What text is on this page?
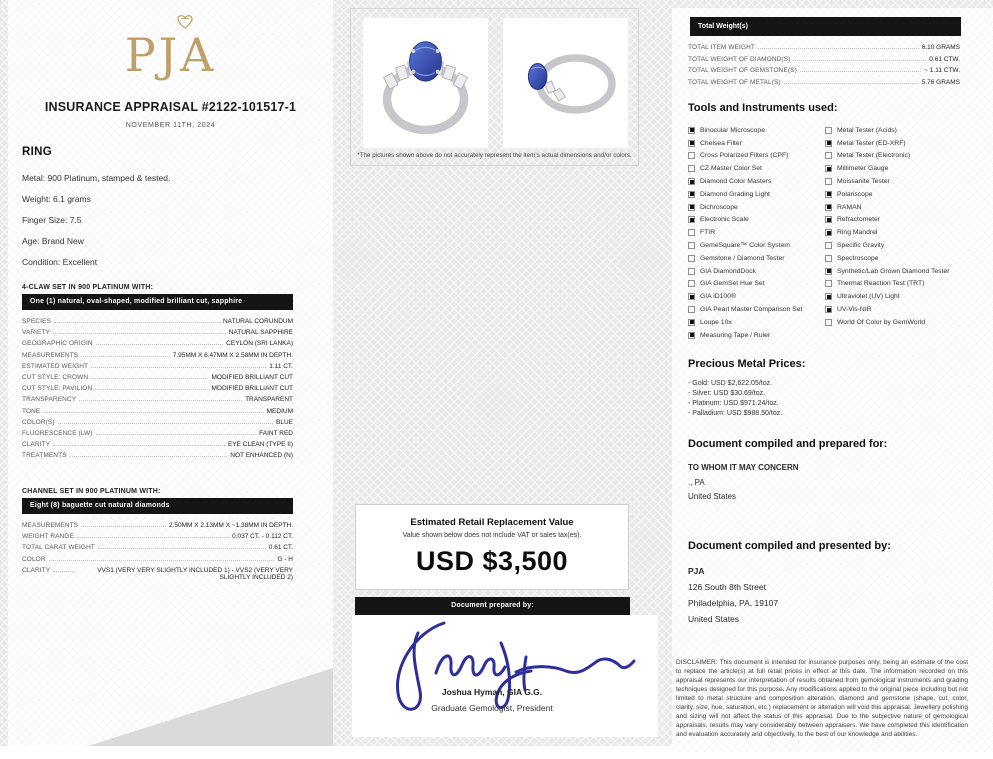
PJA
INSURANCE APPRAISAL #2122-101517-1
NOVEMBER 11TH, 2024
RING
Metal: 900 Platinum, stamped & tested.
Weight: 6.1 grams
Finger Size: 7.5
Age: Brand New
Condition: Excellent
4-CLAW SET IN 900 PLATINUM WITH:
One (1) natural, oval-shaped, modified brilliant cut, sapphire
SPECIES	NATURAL CORUNDUM
VARIETY	NATURAL SAPPHIRE
GEOGRAPHIC ORIGIN	CEYLON (SRI LANKA)
MEASUREMENTS	7.95MM X 6.47MM X 2.58MM IN DEPTH.
ESTIMATED WEIGHT	1.11 CT.
CUT STYLE: CROWN	MODIFIED BRILLIANT CUT
CUT STYLE: PAVILION	MODIFIED BRILLIANT CUT
TRANSPARENCY	TRANSPARENT
TONE	MEDIUM
COLOR(S)	BLUE
FLUORESCENCE (LW)	FAINT RED
CLARITY	EYE CLEAN (TYPE II)
TREATMENTS	NOT ENHANCED (N)
CHANNEL SET IN 900 PLATINUM WITH:
Eight (8) baguette cut natural diamonds
MEASUREMENTS	2.50MM X 2.13MM X ~1.38MM IN DEPTH.
WEIGHT RANGE	0.037 CT. - 0.112 CT.
TOTAL CARAT WEIGHT	0.61 CT.
COLOR	G - H
CLARITY	VVS1 (VERY VERY SLIGHTLY INCLUDED 1) - VVS2 (VERY VERY SLIGHTLY INCLUDED 2)
*The pictures shown above do not accurately represent the item's actual dimensions and/or colors.
Estimated Retail Replacement Value
Value shown below does not include VAT or sales tax(es).
USD $3,500
Document prepared by:
Joshua Hyman, GIA G.G.
Graduate Gemologist, President
Total Weight(s)
TOTAL ITEM WEIGHT	6.10 GRAMS
TOTAL WEIGHT OF DIAMOND(S)	0.61 CTW.
TOTAL WEIGHT OF GEMSTONE(S)	~ 1.11 CTW.
TOTAL WEIGHT OF METAL(S)	5.76 GRAMS
Tools and Instruments used:
Binocular Microscope
Chelsea Filter
Cross Polarized Filters (CPF)
CZ Master Color Set
Diamond Color Masters
Diamond Grading Light
Dichroscope
Electronic Scale
FTIR
GemeSquare™ Color System
Gemstone / Diamond Tester
GIA DiamondDock
GIA GemSet Hue Set
GIA iD100®
GIA Pearl Master Comparison Set
Loupe 10x
Measuring Tape / Ruler
Metal Tester (Acids)
Metal Tester (ED-XRF)
Metal Tester (Electronic)
Millimeter Gauge
Moissanite Tester
Polariscope
RAMAN
Refractometer
Ring Mandrel
Specific Gravity
Spectroscope
Synthetic/Lab Grown Diamond Tester
Thermal Reaction Test (TRT)
Ultraviolet (UV) Light
UV-Vis-NIR
World Of Color by GemWorld
Precious Metal Prices:
- Gold: USD $2,622.05/toz.
- Silver: USD $30.69/toz.
- Platinum: USD $971.24/toz.
- Palladium: USD $988.50/toz.
Document compiled and prepared for:
TO WHOM IT MAY CONCERN
., PA
United States
Document compiled and presented by:
PJA
126 South 8th Street
Philadelphia, PA, 19107
United States
DISCLAIMER: This document is intended for insurance purposes only, being an estimate of the cost to replace the article(s) at full retail prices in effect at this date. The information recorded on this appraisal represents our interpretation of results obtained from gemological instruments and grading techniques designed for this purpose. Any modifications applied to the original piece including but not limited to metal structure and composition alteration, diamond and gemstone (shape, cut, color, clarity, size, hue, saturation, etc.) replacement or alteration will void this appraisal. Jewellery polishing and sizing will not affect the status of this appraisal. Due to the subjective nature of gemological appraisals, results may vary considerably between appraisers. We have completed this identification and evaluation accurately and objectively, to the best of our knowledge and abilities.
